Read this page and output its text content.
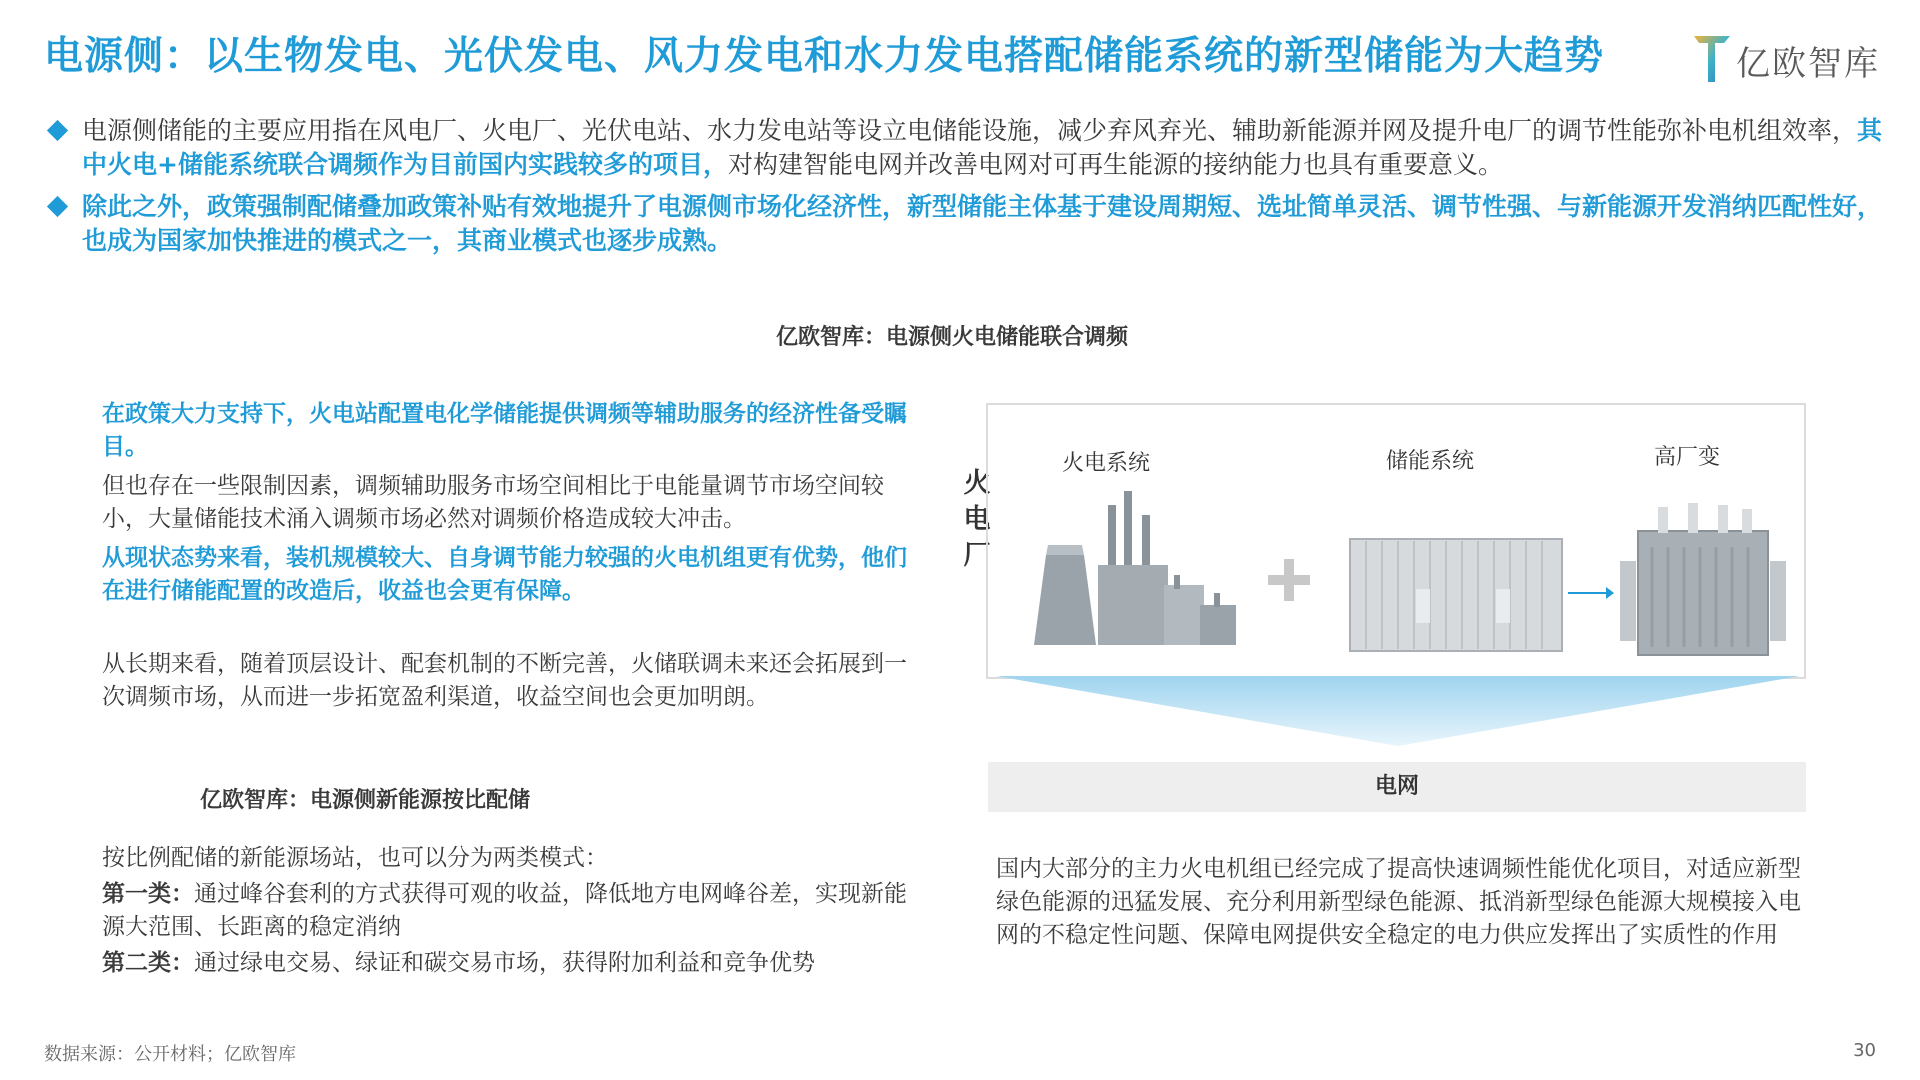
电源侧：以生物发电、光伏发电、风力发电和水力发电搭配储能系统的新型储能为大趋势	亿欧智库
电源侧储能的主要应用指在风电厂、火电厂、光伏电站、水力发电站等设立电储能设施，减少弃风弃光、辅助新能源并网及提升电厂的调节性能弥补电机组效率，其中火电+储能系统联合调频作为目前国内实践较多的项目，对构建智能电网并改善电网对可再生能源的接纳能力也具有重要意义。
除此之外，政策强制配储叠加政策补贴有效地提升了电源侧市场化经济性，新型储能主体基于建设周期短、选址简单灵活、调节性强、与新能源开发消纳匹配性好，也成为国家加快推进的模式之一，其商业模式也逐步成熟。
亿欧智库：电源侧火电储能联合调频

在政策大力支持下，火电站配置电化学储能提供调频等辅助服务的经济性备受瞩目。

但也存在一些限制因素，调频辅助服务市场空间相比于电能量调节市场空间较小，大量储能技术涌入调频市场必然对调频价格造成较大冲击。

从现状态势来看，装机规模较大、自身调节能力较强的火电机组更有优势，他们在进行储能配置的改造后，收益也会更有保障。

从长期来看，随着顶层设计、配套机制的不断完善，火储联调未来还会拓展到一次调频市场，从而进一步拓宽盈利渠道，收益空间也会更加明朗。

火电厂
火电系统	储能系统	高厂变
电网
国内大部分的主力火电机组已经完成了提高快速调频性能优化项目，对适应新型绿色能源的迅猛发展、充分利用新型绿色能源、抵消新型绿色能源大规模接入电网的不稳定性问题、保障电网提供安全稳定的电力供应发挥出了实质性的作用
亿欧智库：电源侧新能源按比配储

按比例配储的新能源场站，也可以分为两类模式：

第一类：通过峰谷套利的方式获得可观的收益，降低地方电网峰谷差，实现新能源大范围、长距离的稳定消纳

第二类：通过绿电交易、绿证和碳交易市场，获得附加利益和竞争优势

数据来源：公开材料；亿欧智库	30
